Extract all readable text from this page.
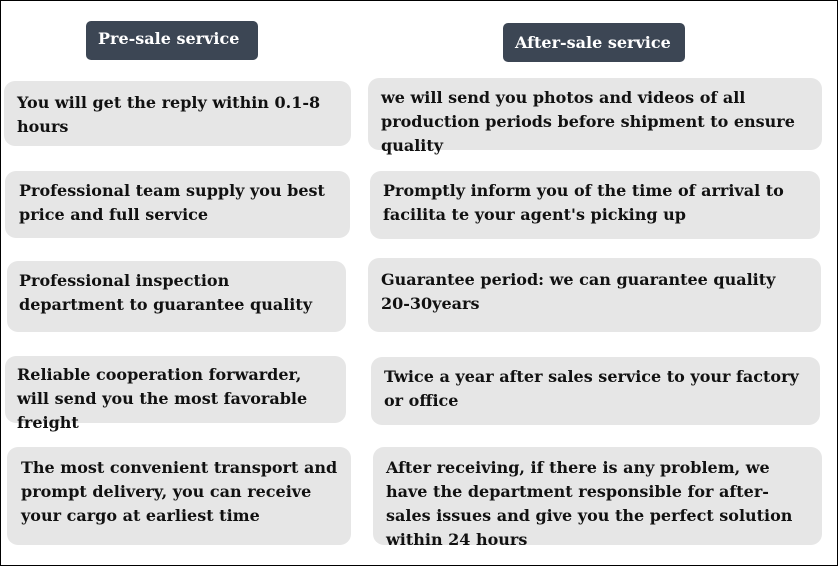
Pre-sale service	After-sale service
You will get the reply within 0.1-8 hours
Professional team supply you best price and full service
Professional inspection department to guarantee quality
Reliable cooperation forwarder, will send you the most favorable freight
The most convenient transport and prompt delivery, you can receive your cargo at earliest time
we will send you photos and videos of all production periods before shipment to ensure quality
Promptly inform you of the time of arrival to facilita te your agent's picking up
Guarantee period: we can guarantee quality 20-30years
Twice a year after sales service to your factory or office
After receiving, if there is any problem, we have the department responsible for after- sales issues and give you the perfect solution within 24 hours
